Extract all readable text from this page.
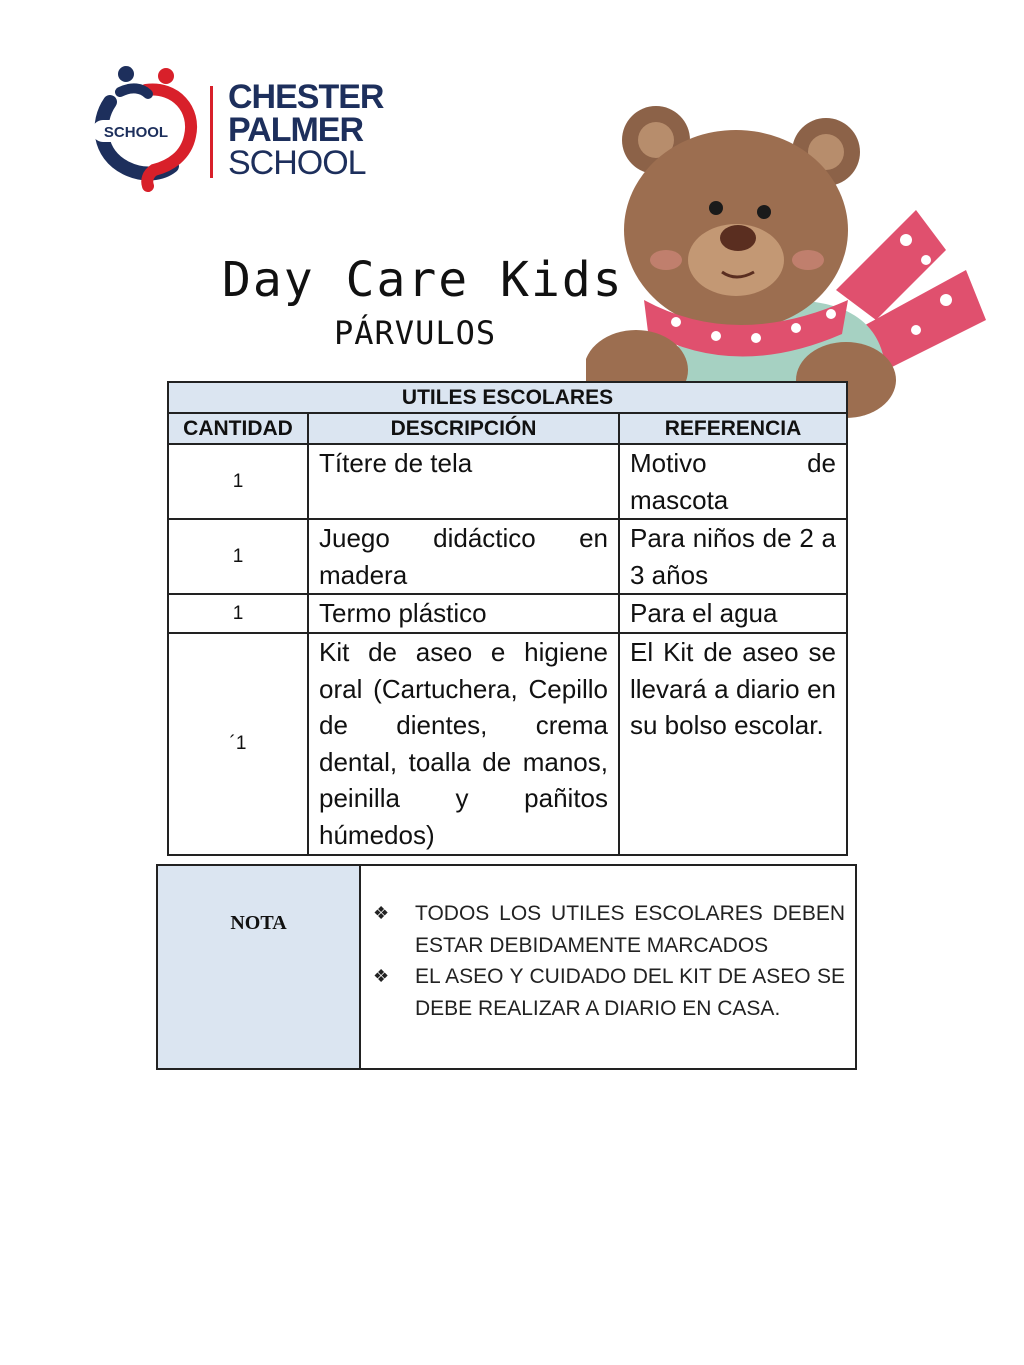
SCHOOL
CHESTER
PALMER
SCHOOL
Day Care Kids
PÁRVULOS
UTILES ESCOLARES		
CANTIDAD	DESCRIPCIÓN	REFERENCIA
1	Títere de tela	Motivo de mascota
1	Juego didáctico en madera	Para niños de 2 a 3 años
1	Termo plástico	Para el agua
´1	Kit de aseo e higiene oral (Cartuchera, Cepillo de dientes, crema dental, toalla de manos, peinilla y pañitos húmedos)	El Kit de aseo se llevará a diario en su bolso escolar.
NOTA	❖	TODOS LOS UTILES ESCOLARES DEBEN ESTAR DEBIDAMENTE MARCADOS
❖	EL ASEO Y CUIDADO DEL KIT DE ASEO SE DEBE REALIZAR A DIARIO EN CASA.
